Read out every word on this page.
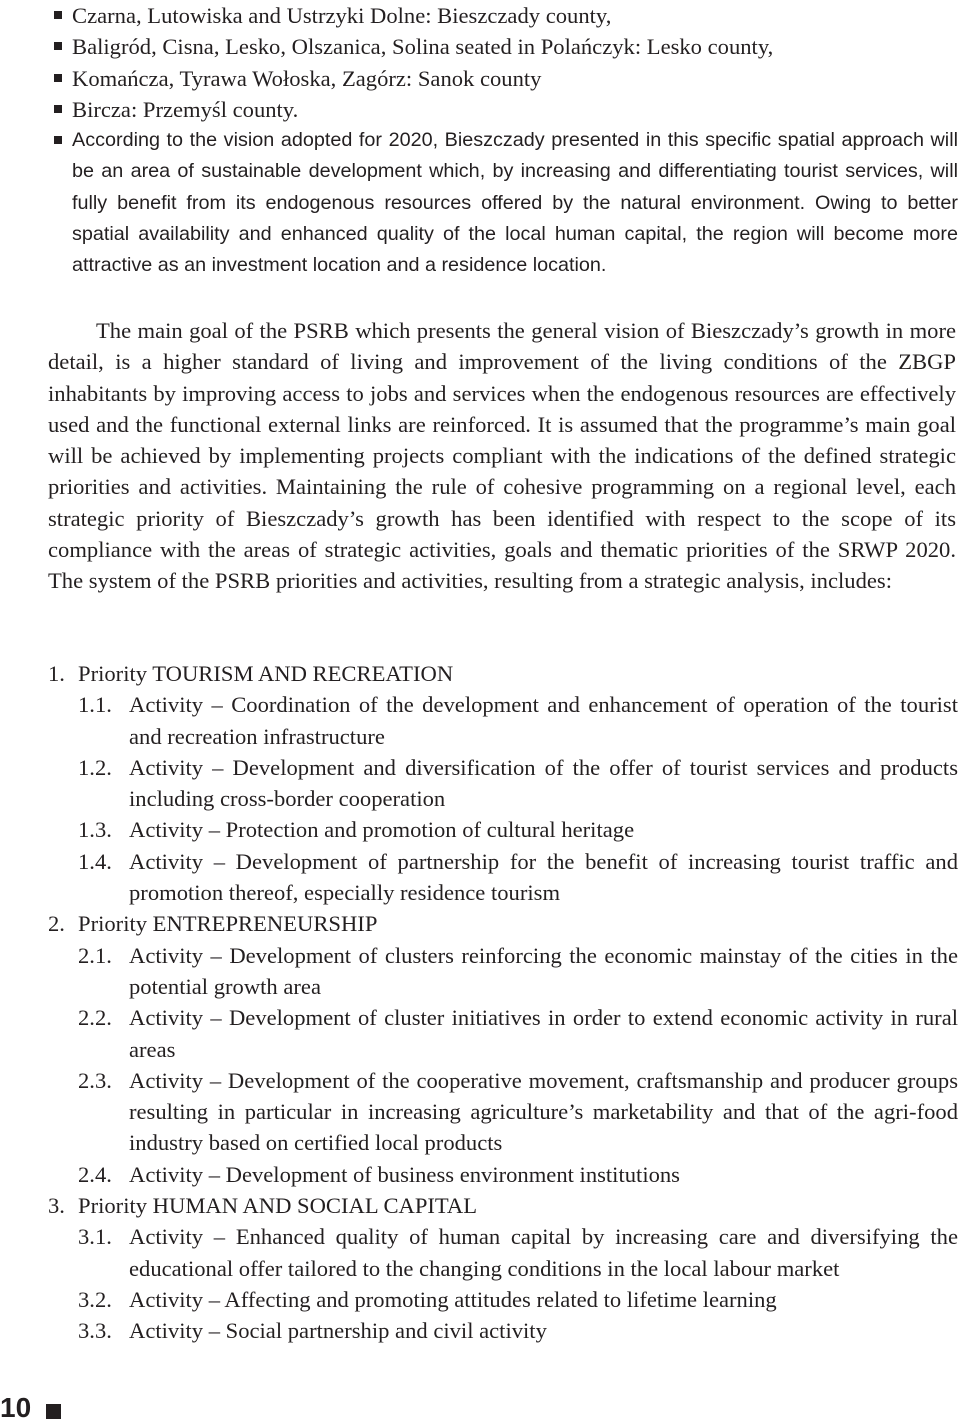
Czarna, Lutowiska and Ustrzyki Dolne: Bieszczady county,
Baligród, Cisna, Lesko, Olszanica, Solina seated in Polańczyk: Lesko county,
Komańcza, Tyrawa Wołoska, Zagórz: Sanok county
Bircza: Przemyśl county.
According to the vision adopted for 2020, Bieszczady presented in this specific spatial approach will be an area of sustainable development which, by increasing and differentiating tourist services, will fully benefit from its endogenous resources offered by the natural environment. Owing to better spatial availability and enhanced quality of the local human capital, the region will become more attractive as an investment location and a residence location.

The main goal of the PSRB which presents the general vision of Bieszczady’s growth in more detail, is a higher standard of living and improvement of the living conditions of the ZBGP inhabitants by improving access to jobs and services when the endogenous resources are effectively used and the functional external links are reinforced. It is assumed that the programme’s main goal will be achieved by implementing projects compliant with the indications of the defined strategic priorities and activities. Maintaining the rule of cohesive programming on a regional level, each strategic priority of Bieszczady’s growth has been identified with respect to the scope of its compliance with the areas of strategic activities, goals and thematic priorities of the SRWP 2020. The system of the PSRB priorities and activities, resulting from a strategic analysis, includes:

1. Priority TOURISM AND RECREATION
1.1. Activity – Coordination of the development and enhancement of operation of the tourist and recreation infrastructure
1.2. Activity – Development and diversification of the offer of tourist services and products including cross-border cooperation
1.3. Activity – Protection and promotion of cultural heritage
1.4. Activity – Development of partnership for the benefit of increasing tourist traffic and promotion thereof, especially residence tourism
2. Priority ENTREPRENEURSHIP
2.1. Activity – Development of clusters reinforcing the economic mainstay of the cities in the potential growth area
2.2. Activity – Development of cluster initiatives in order to extend economic activity in rural areas
2.3. Activity – Development of the cooperative movement, craftsmanship and producer groups resulting in particular in increasing agriculture’s marketability and that of the agri-food industry based on certified local products
2.4. Activity – Development of business environment institutions
3. Priority HUMAN AND SOCIAL CAPITAL
3.1. Activity – Enhanced quality of human capital by increasing care and diversifying the educational offer tailored to the changing conditions in the local labour market
3.2. Activity – Affecting and promoting attitudes related to lifetime learning
3.3. Activity – Social partnership and civil activity
10
